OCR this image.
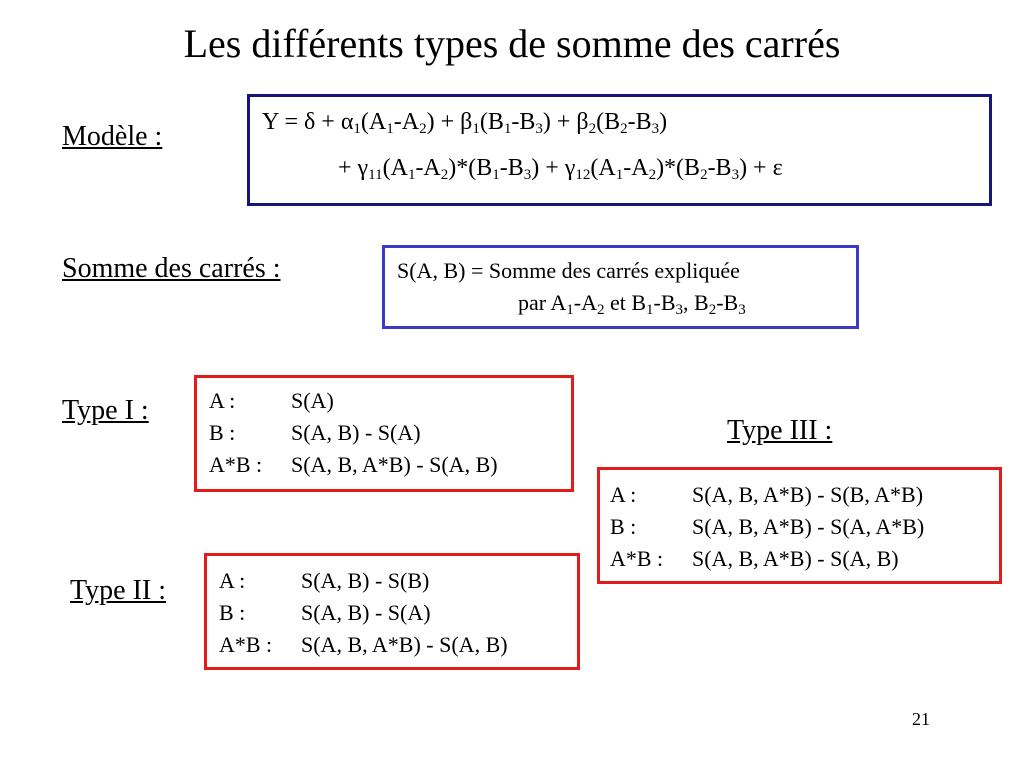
Les différents types de somme des carrés
Modèle :	$Y = \delta + \alpha_1(A_1-A_2) + \beta_1(B_1-B_3) + \beta_2(B_2-B_3)$
+ $\gamma_{11}(A_1-A_2)*(B_1-B_3) + \gamma_{12}(A_1-A_2)*(B_2-B_3) + \varepsilon$
Somme des carrés :	S(A, B) = Somme des carrés expliquée
par $A_1-A_2$ et $B_1-B_3$, $B_2-B_3$
Type I :	A :	S(A)
B :	S(A, B) - S(A)
A*B :	S(A, B, A*B) - S(A, B)
Type III :
A :	S(A, B, A*B) - S(B, A*B)
B :	S(A, B, A*B) - S(A, A*B)
A*B :	S(A, B, A*B) - S(A, B)
Type II : A :	S(A, B) - S(B)
B :	S(A, B) - S(A)
A*B :	S(A, B, A*B) - S(A, B)
21
